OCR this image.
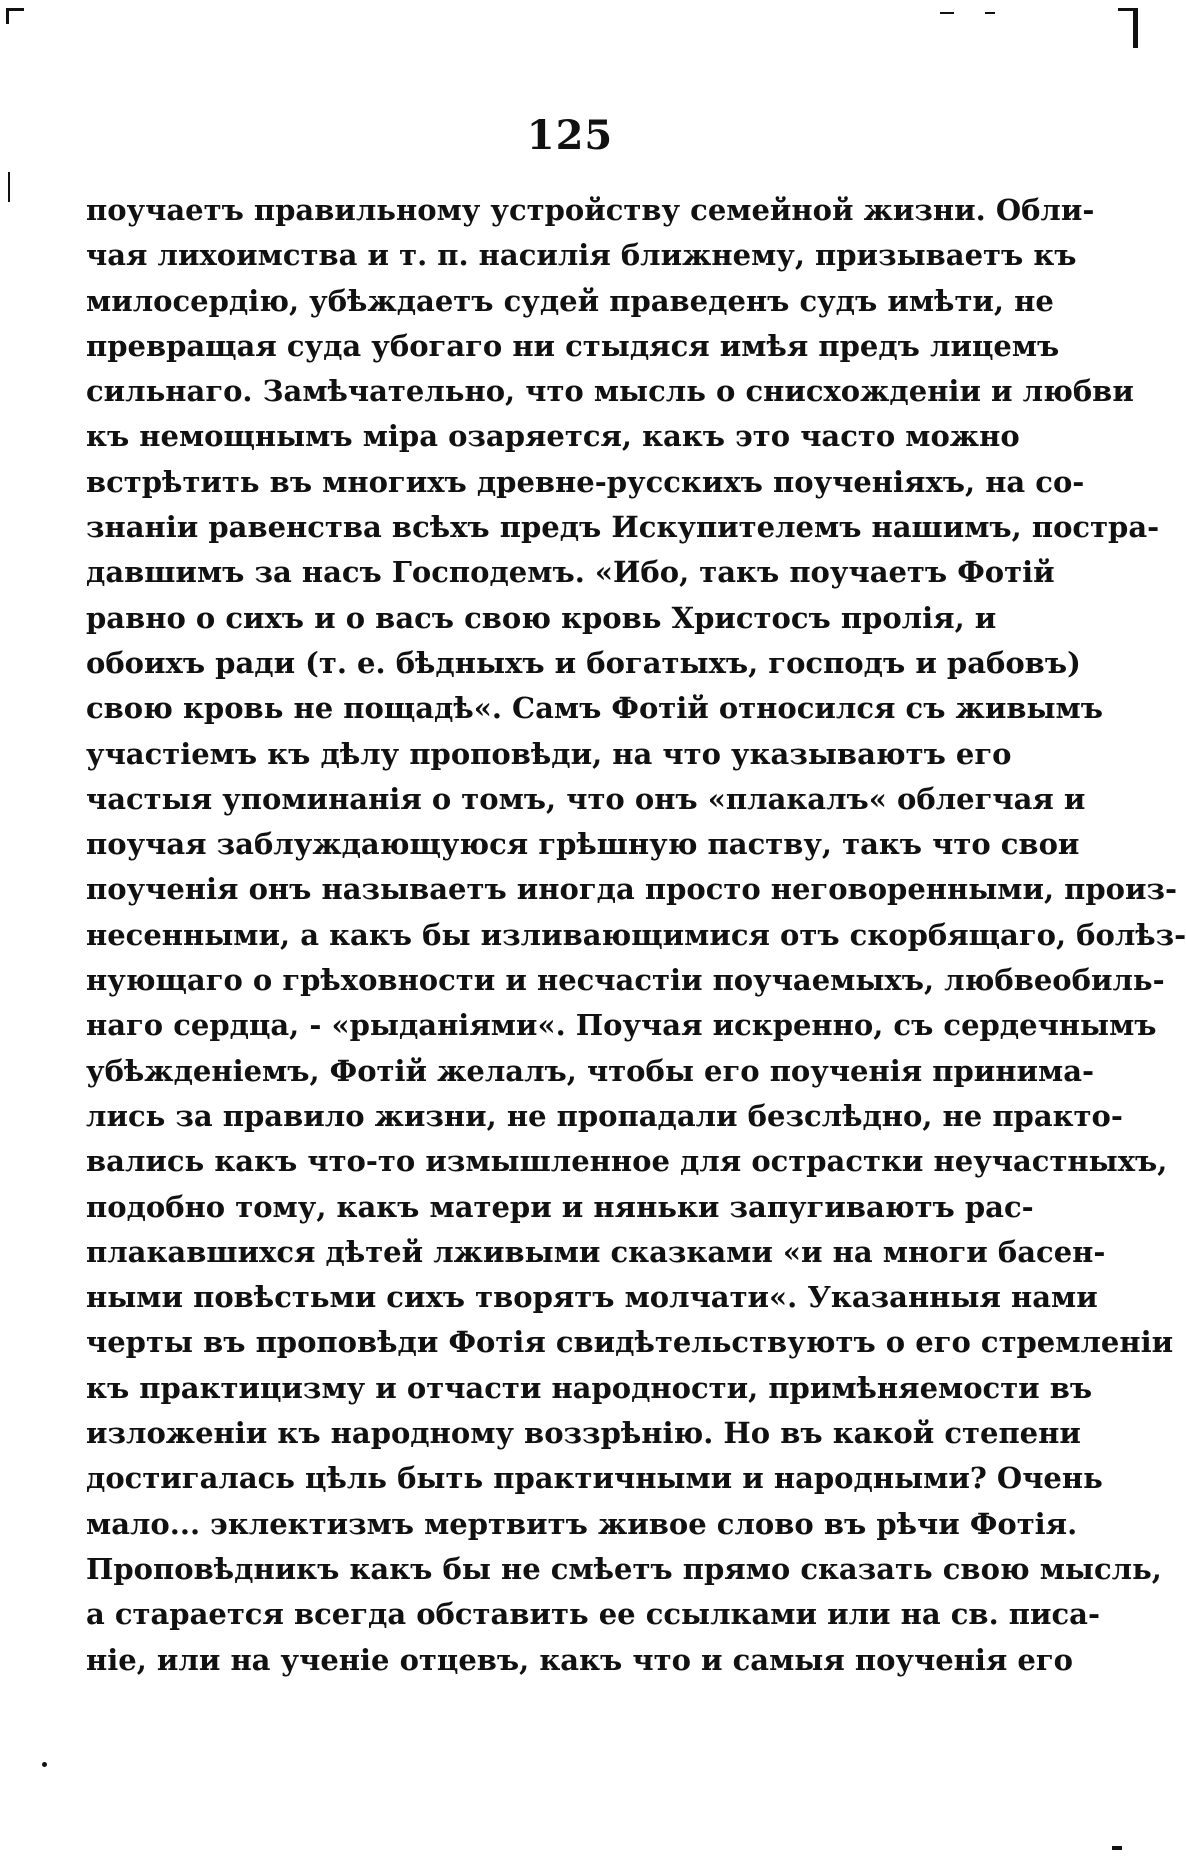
125
поучаетъ правильному устройству семейной жизни. Обли-
чая лихоимства и т. п. насилія ближнему, призываетъ къ
милосердію, убѣждаетъ судей праведенъ судъ имѣти, не
превращая суда убогаго ни стыдяся имѣя предъ лицемъ
сильнаго. Замѣчательно, что мысль о снисхожденіи и любви
къ немощнымъ міра озаряется, какъ это часто можно
встрѣтить въ многихъ древне-русскихъ поученіяхъ, на со-
знаніи равенства всѣхъ предъ Искупителемъ нашимъ, постра-
давшимъ за насъ Господемъ. «Ибо, такъ поучаетъ Фотій
равно о сихъ и о васъ свою кровь Христосъ пролія, и
обоихъ ради (т. е. бѣдныхъ и богатыхъ, господъ и рабовъ)
свою кровь не пощадѣ«. Самъ Фотій относился съ живымъ
участіемъ къ дѣлу проповѣди, на что указываютъ его
частыя упоминанія о томъ, что онъ «плакалъ« облегчая и
поучая заблуждающуюся грѣшную паству, такъ что свои
поученія онъ называетъ иногда просто неговоренными, произ-
несенными, а какъ бы изливающимися отъ скорбящаго, болѣз-
нующаго о грѣховности и несчастіи поучаемыхъ, любвеобиль-
наго сердца, - «рыданіями«. Поучая искренно, съ сердечнымъ
убѣжденіемъ, Фотій желалъ, чтобы его поученія принима-
лись за правило жизни, не пропадали безслѣдно, не практо-
вались какъ что-то измышленное для острастки неучастныхъ,
подобно тому, какъ матери и няньки запугиваютъ рас-
плакавшихся дѣтей лживыми сказками «и на многи басен-
ными повѣстьми сихъ творятъ молчати«. Указанныя нами
черты въ проповѣди Фотія свидѣтельствуютъ о его стремленіи
къ практицизму и отчасти народности, примѣняемости въ
изложеніи къ народному воззрѣнію. Но въ какой степени
достигалась цѣль быть практичными и народными? Очень
мало... эклектизмъ мертвитъ живое слово въ рѣчи Фотія.
Проповѣдникъ какъ бы не смѣетъ прямо сказать свою мысль,
а старается всегда обставить ее ссылками или на св. писа-
ніе, или на ученіе отцевъ, какъ что и самыя поученія его
